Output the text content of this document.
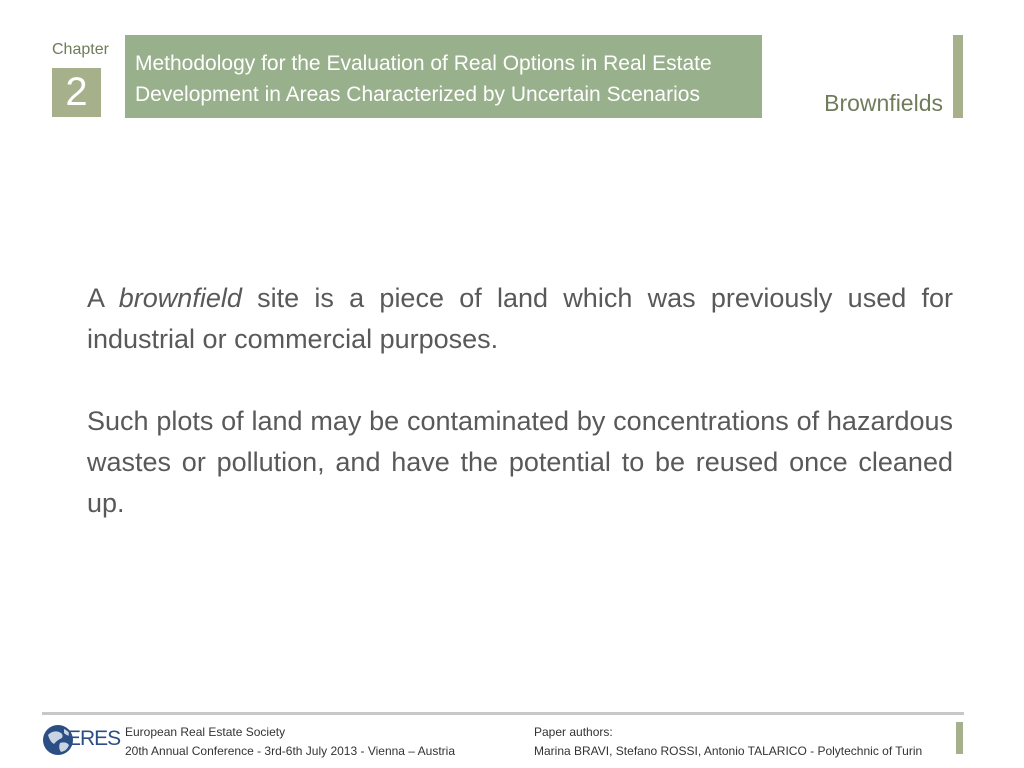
Chapter
2
Methodology for the Evaluation of Real Options in Real Estate
Development in Areas Characterized by Uncertain Scenarios	Brownfields

A brownfield site is a piece of land which was previously used for industrial or commercial purposes.

Such plots of land may be contaminated by concentrations of hazardous wastes or pollution, and have the potential to be reused once cleaned up.

ERES European Real Estate Society
20th Annual Conference - 3rd-6th July 2013 - Vienna – Austria
Paper authors:
Marina BRAVI, Stefano ROSSI, Antonio TALARICO - Polytechnic of Turin
